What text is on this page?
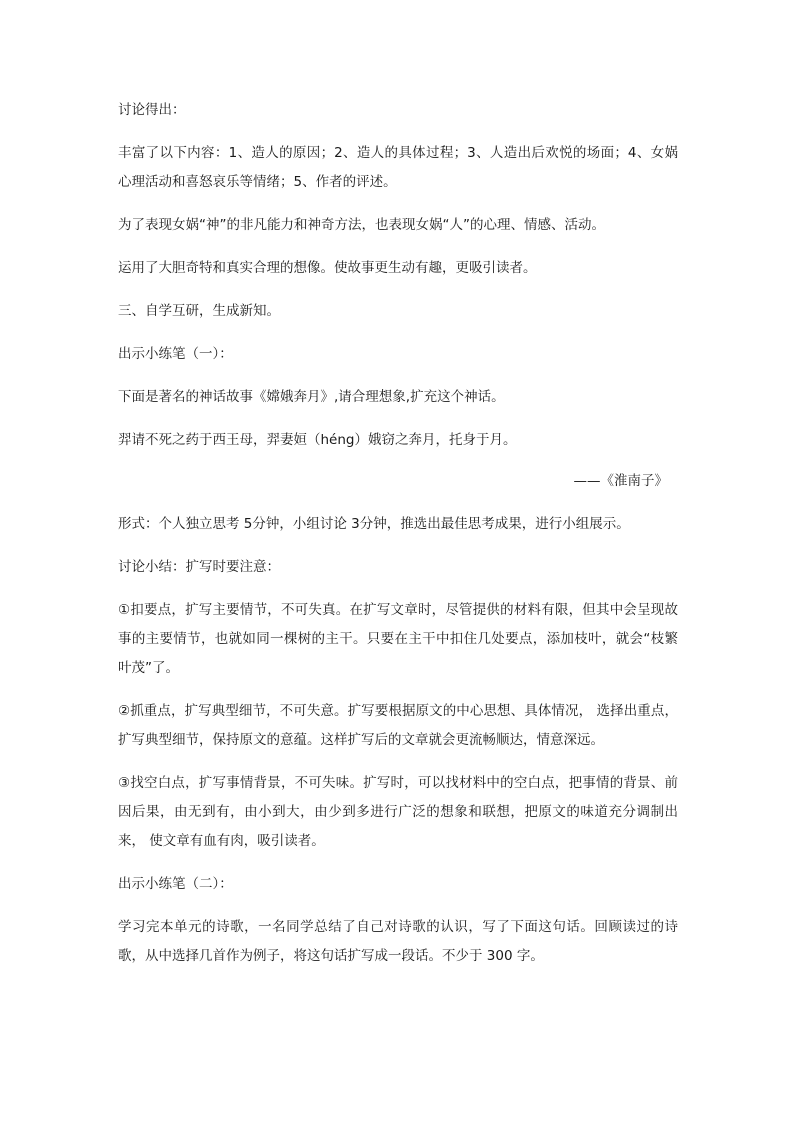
讨论得出：

丰富了以下内容：1、造人的原因；2、造人的具体过程；3、人造出后欢悦的场面；4、女娲心理活动和喜怒哀乐等情绪；5、作者的评述。

为了表现女娲“神”的非凡能力和神奇方法，也表现女娲“人”的心理、情感、活动。

运用了大胆奇特和真实合理的想像。使故事更生动有趣，更吸引读者。

三、自学互研，生成新知。

出示小练笔（一）：

下面是著名的神话故事《嫦娥奔月》,请合理想象,扩充这个神话。

羿请不死之药于西王母，羿妻姮（héng）娥窃之奔月，托身于月。

——《淮南子》

形式：个人独立思考 5分钟，小组讨论 3分钟，推选出最佳思考成果，进行小组展示。

讨论小结：扩写时要注意：

①扣要点，扩写主要情节，不可失真。在扩写文章时，尽管提供的材料有限，但其中会呈现故事的主要情节，也就如同一棵树的主干。只要在主干中扣住几处要点，添加枝叶，就会“枝繁叶茂”了。

②抓重点，扩写典型细节，不可失意。扩写要根据原文的中心思想、具体情况， 选择出重点，扩写典型细节，保持原文的意蕴。这样扩写后的文章就会更流畅顺达，情意深远。

③找空白点，扩写事情背景，不可失味。扩写时，可以找材料中的空白点，把事情的背景、前因后果，由无到有，由小到大，由少到多进行广泛的想象和联想，把原文的味道充分调制出来， 使文章有血有肉，吸引读者。

出示小练笔（二）：

学习完本单元的诗歌，一名同学总结了自己对诗歌的认识，写了下面这句话。回顾读过的诗歌，从中选择几首作为例子，将这句话扩写成一段话。不少于 300 字。
